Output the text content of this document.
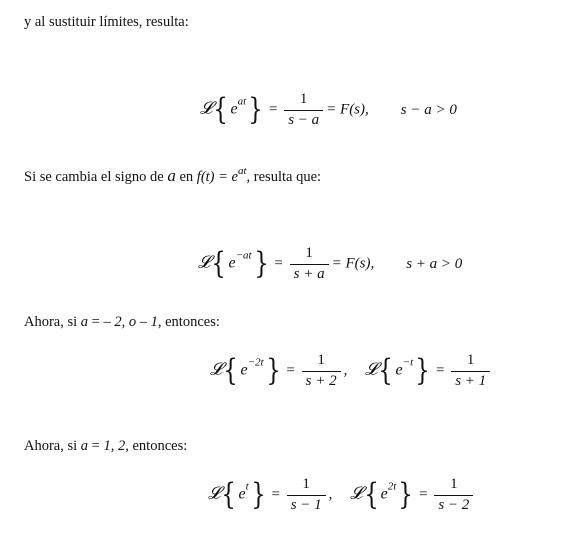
y al sustituir límites, resulta:
𝓛{ $e^{at}\} = \frac{1}{s - a} = F(s)$, s − a > 0
Si se cambia el signo de a en $f(t) = e^{at}$, resulta que:
𝓛{ $e^{-at}\} = \frac{1}{s + a} = F(s)$, s + a > 0
Ahora, si a = – 2, o – 1, entonces:
𝓛{ $e^{-2t}\} = \frac{1}{s + 2}$ , 𝓛{ $e^{-t}\} = \frac{1}{s + 1}$
Ahora, si a = 1, 2, entonces:
𝓛{ $e^t\} = \frac{1}{s - 1}$ , 𝓛{ $e^{2t}\} = \frac{1}{s - 2}$
